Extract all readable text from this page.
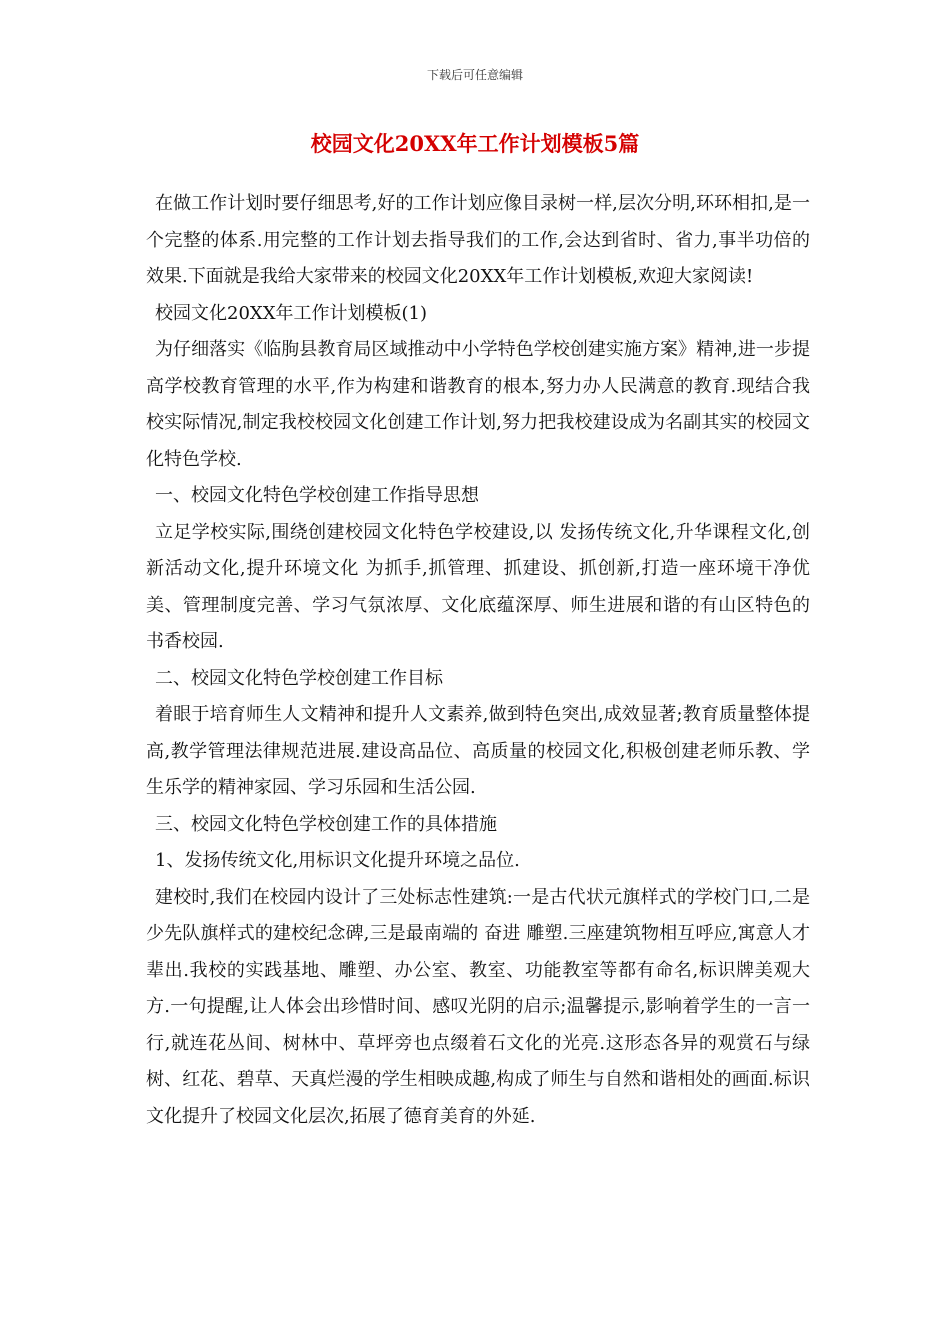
下载后可任意编辑
校园文化20XX年工作计划模板5篇

在做工作计划时要仔细思考,好的工作计划应像目录树一样,层次分明,环环相扣,是一个完整的体系.用完整的工作计划去指导我们的工作,会达到省时、省力,事半功倍的效果.下面就是我给大家带来的校园文化20XX年工作计划模板,欢迎大家阅读!

校园文化20XX年工作计划模板(1)

为仔细落实《临朐县教育局区域推动中小学特色学校创建实施方案》精神,进一步提高学校教育管理的水平,作为构建和谐教育的根本,努力办人民满意的教育.现结合我校实际情况,制定我校校园文化创建工作计划,努力把我校建设成为名副其实的校园文化特色学校.

一、校园文化特色学校创建工作指导思想

立足学校实际,围绕创建校园文化特色学校建设,以 发扬传统文化,升华课程文化,创新活动文化,提升环境文化 为抓手,抓管理、抓建设、抓创新,打造一座环境干净优美、管理制度完善、学习气氛浓厚、文化底蕴深厚、师生进展和谐的有山区特色的书香校园.

二、校园文化特色学校创建工作目标

着眼于培育师生人文精神和提升人文素养,做到特色突出,成效显著;教育质量整体提高,教学管理法律规范进展.建设高品位、高质量的校园文化,积极创建老师乐教、学生乐学的精神家园、学习乐园和生活公园.

三、校园文化特色学校创建工作的具体措施

1、发扬传统文化,用标识文化提升环境之品位.

建校时,我们在校园内设计了三处标志性建筑:一是古代状元旗样式的学校门口,二是少先队旗样式的建校纪念碑,三是最南端的 奋进 雕塑.三座建筑物相互呼应,寓意人才辈出.我校的实践基地、雕塑、办公室、教室、功能教室等都有命名,标识牌美观大方.一句提醒,让人体会出珍惜时间、感叹光阴的启示;温馨提示,影响着学生的一言一行,就连花丛间、树林中、草坪旁也点缀着石文化的光亮.这形态各异的观赏石与绿树、红花、碧草、天真烂漫的学生相映成趣,构成了师生与自然和谐相处的画面.标识文化提升了校园文化层次,拓展了德育美育的外延.
